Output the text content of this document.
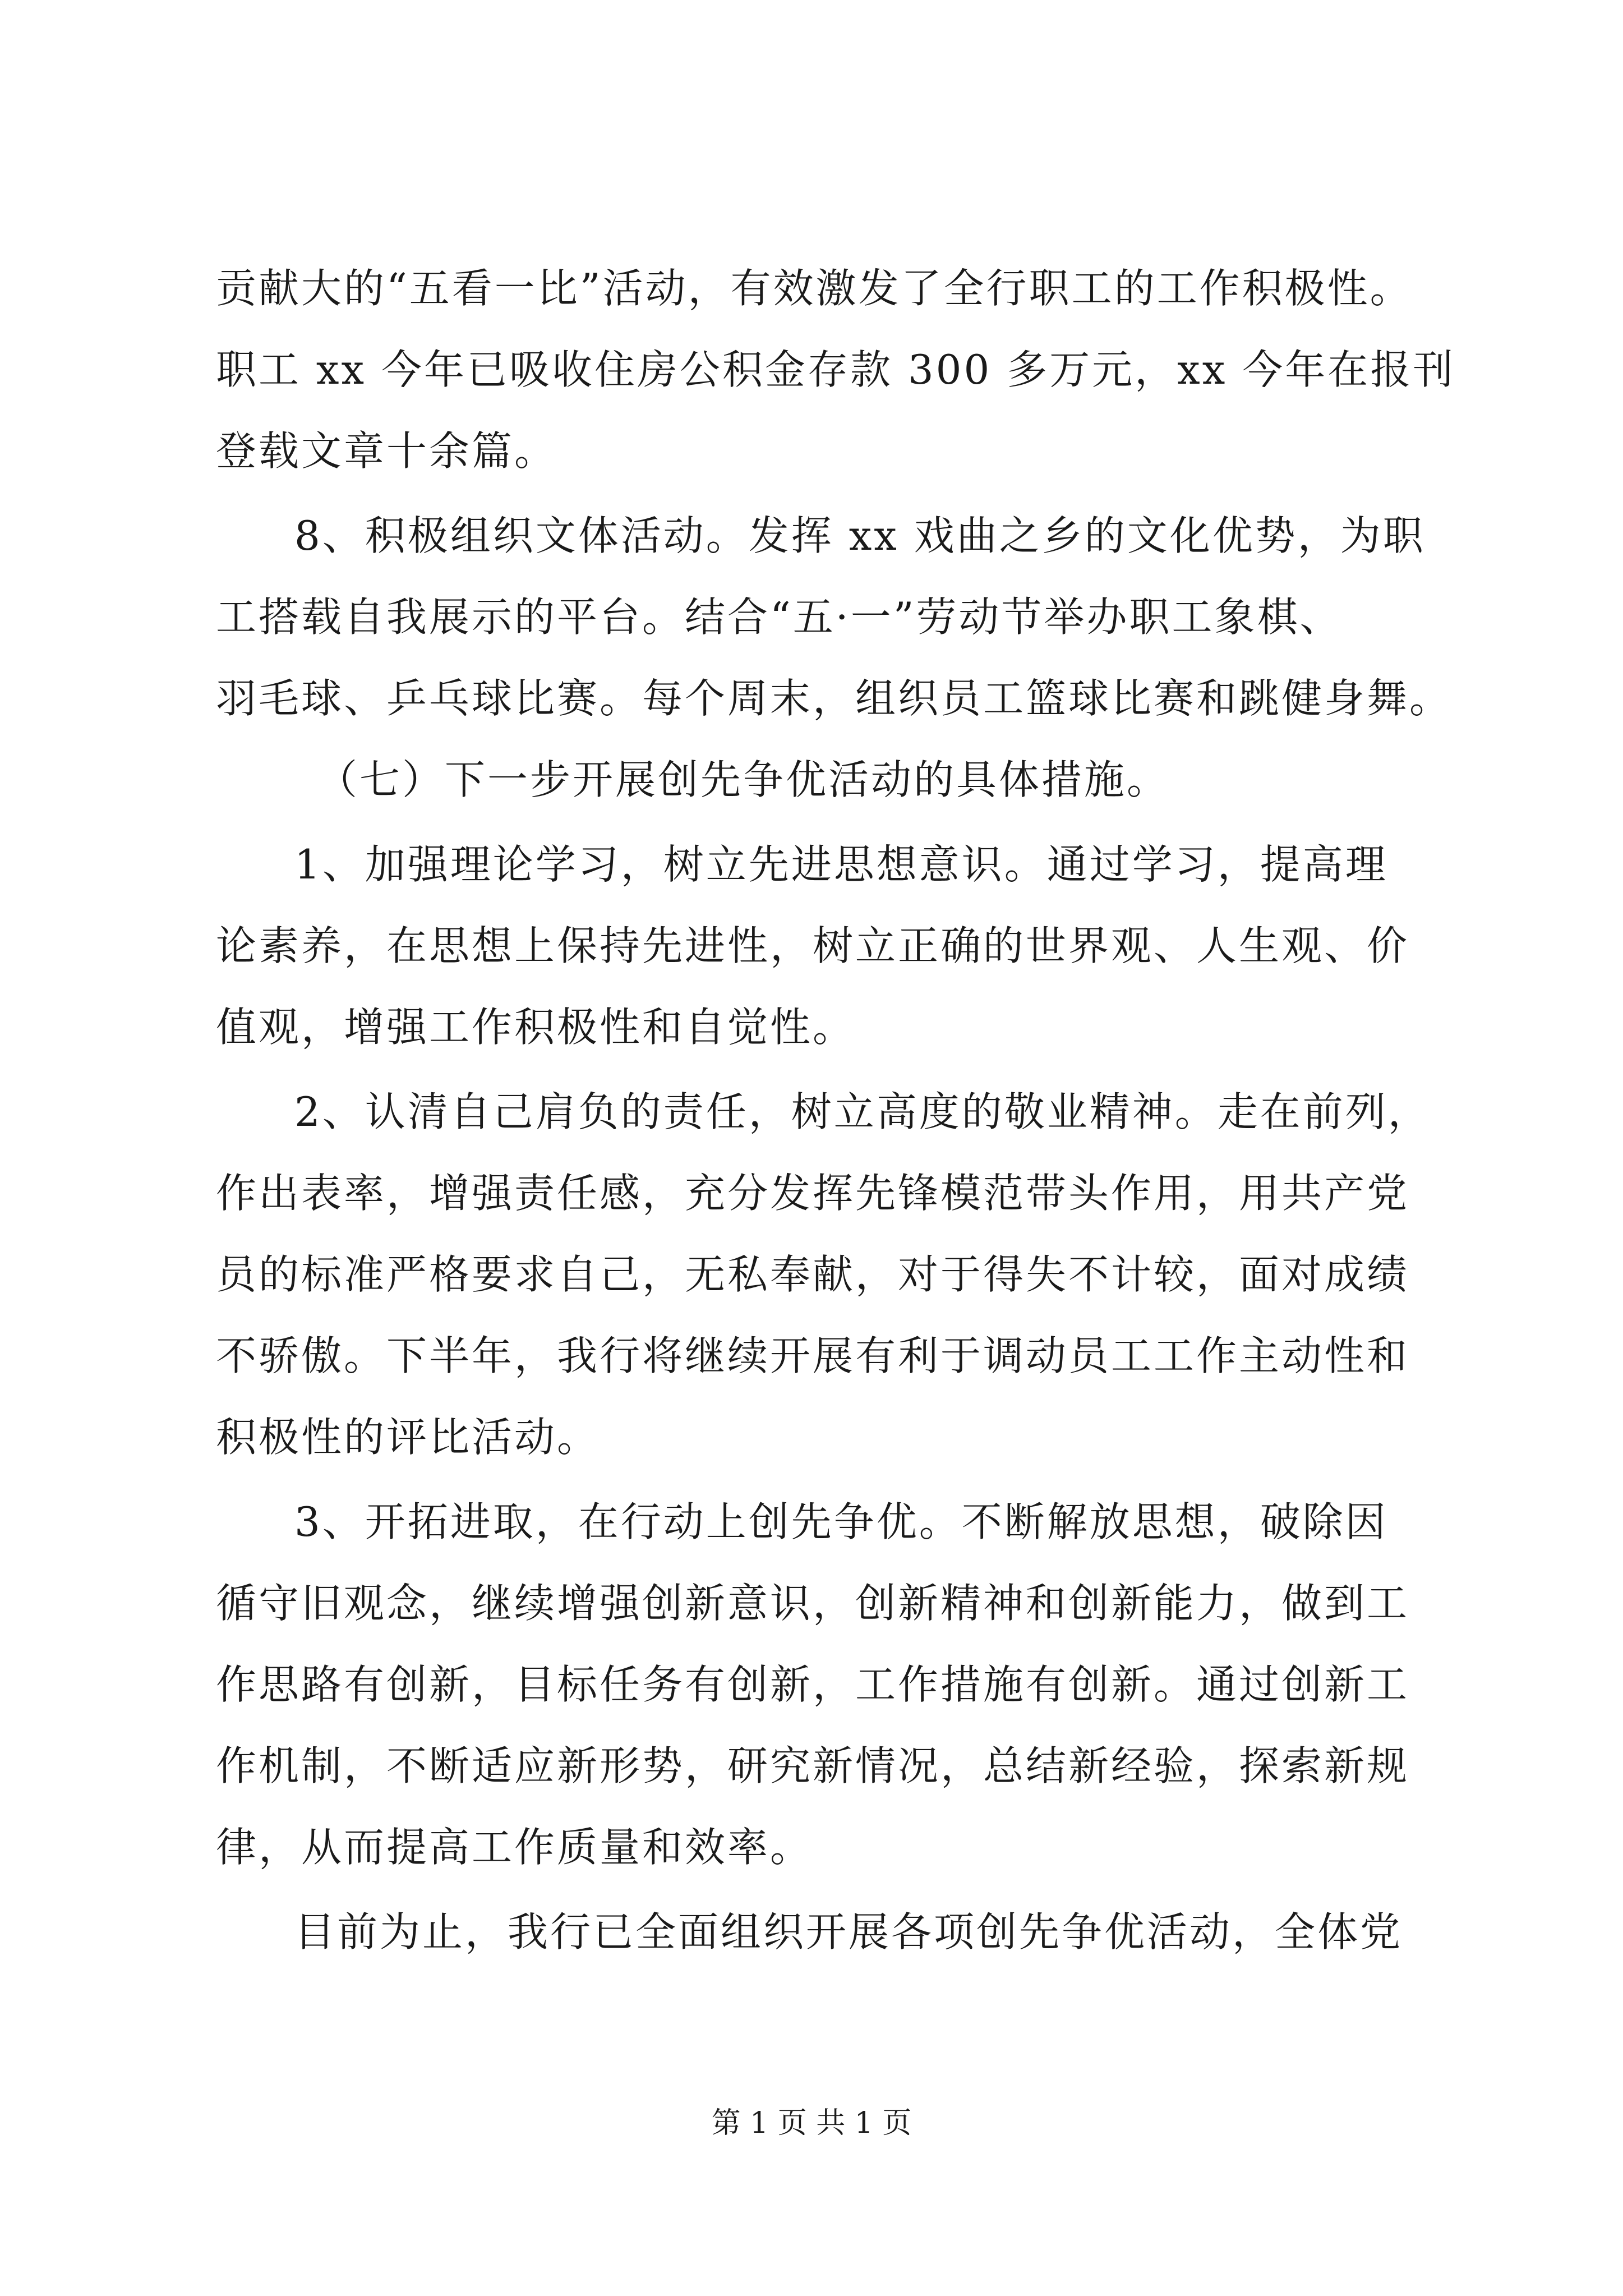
贡献大的“五看一比”活动，有效激发了全行职工的工作积极性。
职工 xx 今年已吸收住房公积金存款 300 多万元，xx 今年在报刊
登载文章十余篇。
8、积极组织文体活动。发挥 xx 戏曲之乡的文化优势，为职
工搭载自我展示的平台。结合“五·一”劳动节举办职工象棋、
羽毛球、乒乓球比赛。每个周末，组织员工篮球比赛和跳健身舞。
（七）下一步开展创先争优活动的具体措施。
1、加强理论学习，树立先进思想意识。通过学习，提高理
论素养，在思想上保持先进性，树立正确的世界观、人生观、价
值观，增强工作积极性和自觉性。
2、认清自己肩负的责任，树立高度的敬业精神。走在前列，
作出表率，增强责任感，充分发挥先锋模范带头作用，用共产党
员的标准严格要求自己，无私奉献，对于得失不计较，面对成绩
不骄傲。下半年，我行将继续开展有利于调动员工工作主动性和
积极性的评比活动。
3、开拓进取，在行动上创先争优。不断解放思想，破除因
循守旧观念，继续增强创新意识，创新精神和创新能力，做到工
作思路有创新，目标任务有创新，工作措施有创新。通过创新工
作机制，不断适应新形势，研究新情况，总结新经验，探索新规
律，从而提高工作质量和效率。
目前为止，我行已全面组织开展各项创先争优活动，全体党
第 1 页 共 1 页
